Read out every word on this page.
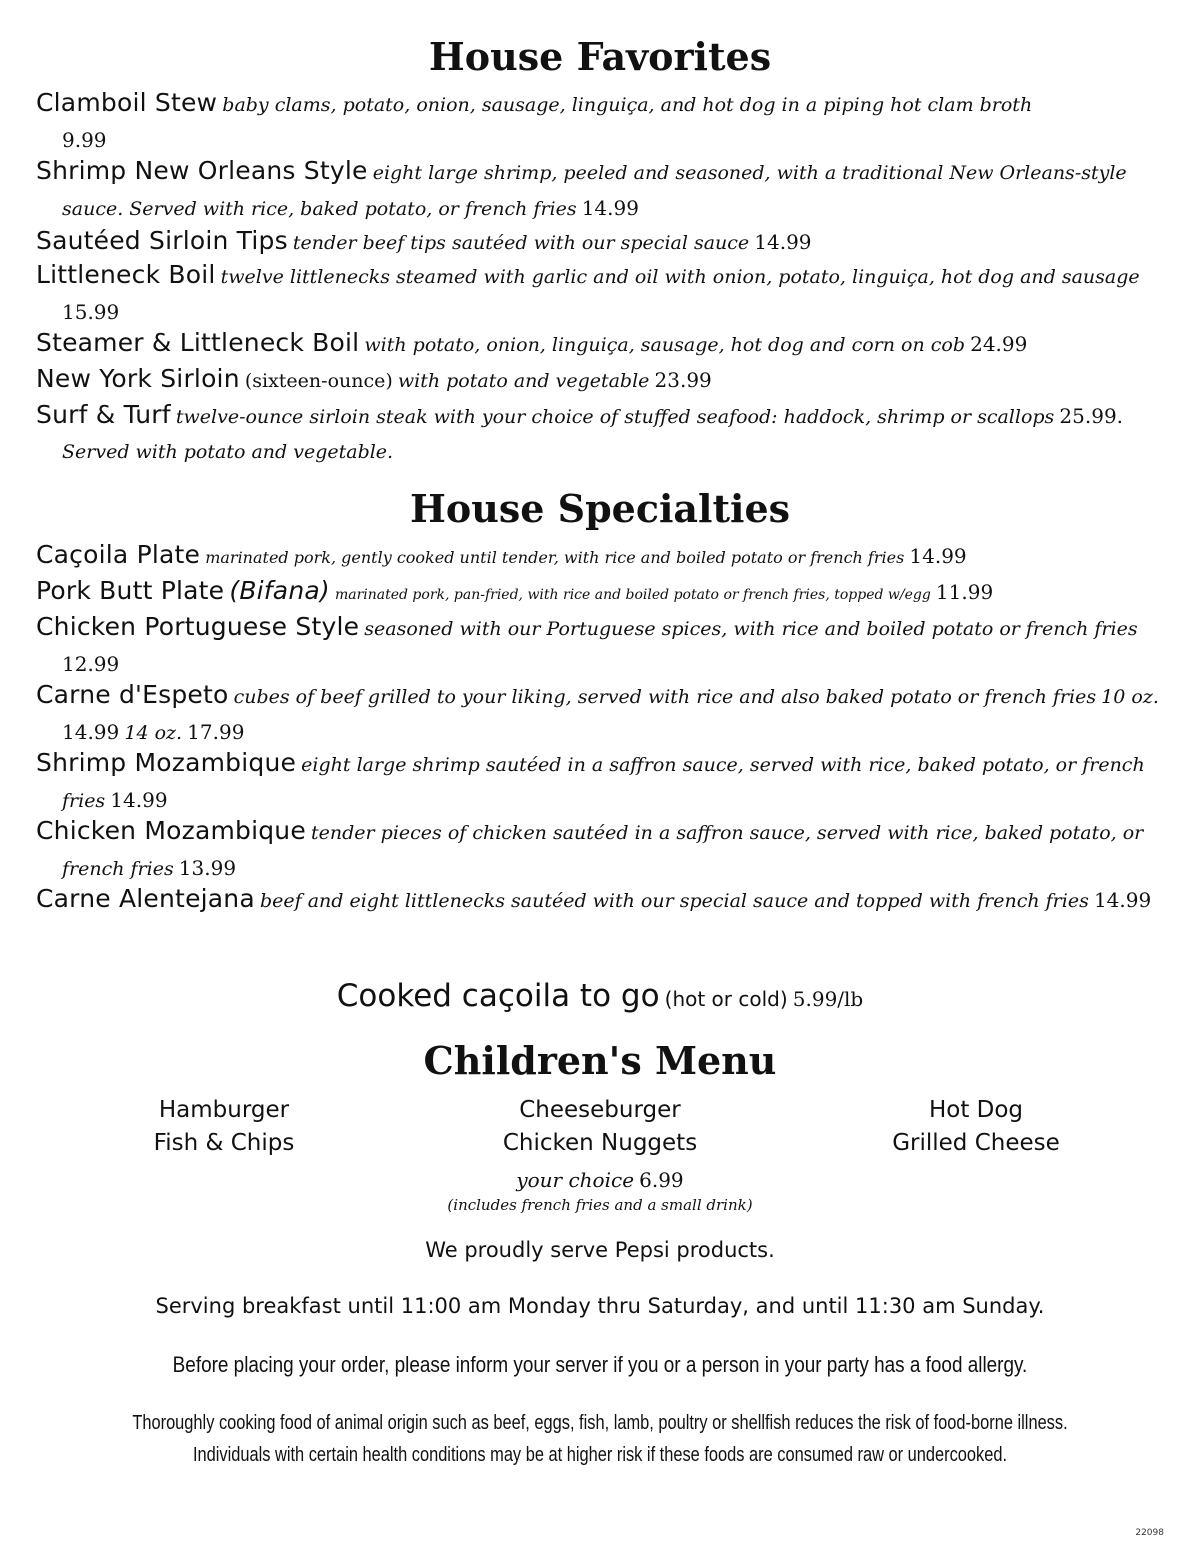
House Favorites

Clamboil Stew baby clams, potato, onion, sausage, linguiça, and hot dog in a piping hot clam broth
9.99

Shrimp New Orleans Style eight large shrimp, peeled and seasoned, with a traditional New Orleans-style sauce. Served with rice, baked potato, or french fries 14.99

Sautéed Sirloin Tips tender beef tips sautéed with our special sauce 14.99

Littleneck Boil twelve littlenecks steamed with garlic and oil with onion, potato, linguiça, hot dog and sausage 15.99

Steamer & Littleneck Boil with potato, onion, linguiça, sausage, hot dog and corn on cob 24.99

New York Sirloin (sixteen-ounce) with potato and vegetable 23.99

Surf & Turf twelve-ounce sirloin steak with your choice of stuffed seafood: haddock, shrimp or scallops 25.99. Served with potato and vegetable.

House Specialties

Caçoila Plate marinated pork, gently cooked until tender, with rice and boiled potato or french fries 14.99

Pork Butt Plate (Bifana) marinated pork, pan-fried, with rice and boiled potato or french fries, topped w/egg 11.99

Chicken Portuguese Style seasoned with our Portuguese spices, with rice and boiled potato or french fries 12.99

Carne d'Espeto cubes of beef grilled to your liking, served with rice and also baked potato or french fries 10 oz. 14.99 14 oz. 17.99

Shrimp Mozambique eight large shrimp sautéed in a saffron sauce, served with rice, baked potato, or french fries 14.99

Chicken Mozambique tender pieces of chicken sautéed in a saffron sauce, served with rice, baked potato, or french fries 13.99

Carne Alentejana beef and eight littlenecks sautéed with our special sauce and topped with french fries 14.99

Cooked caçoila to go (hot or cold) 5.99/lb

Children's Menu
Hamburger
Fish & Chips
Cheeseburger
Chicken Nuggets
Hot Dog
Grilled Cheese

your choice 6.99

(includes french fries and a small drink)

We proudly serve Pepsi products.

Serving breakfast until 11:00 am Monday thru Saturday, and until 11:30 am Sunday.

Before placing your order, please inform your server if you or a person in your party has a food allergy.

Thoroughly cooking food of animal origin such as beef, eggs, fish, lamb, poultry or shellfish reduces the risk of food-borne illness.

Individuals with certain health conditions may be at higher risk if these foods are consumed raw or undercooked.

22098
